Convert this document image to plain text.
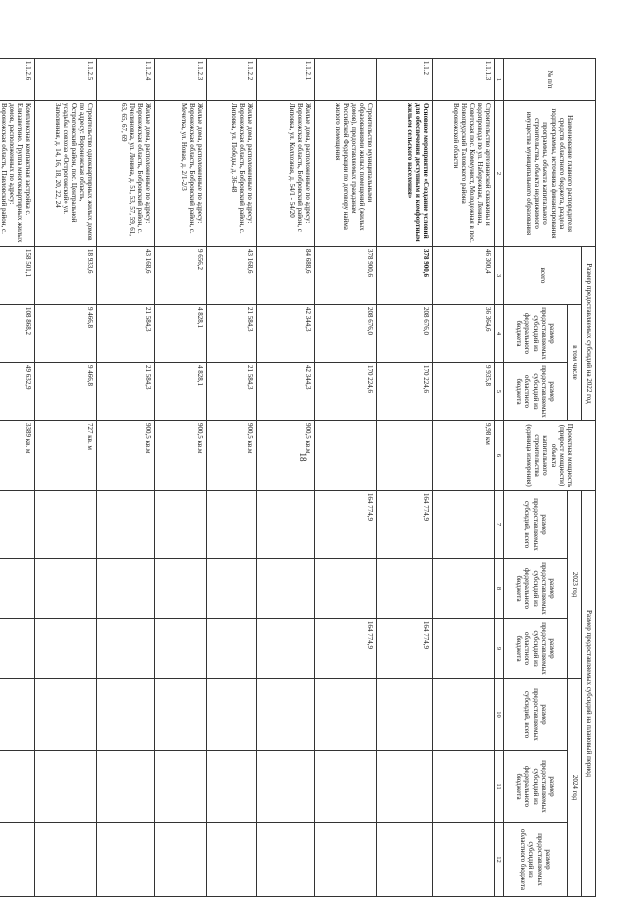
18
№ п/п	Наименование главного распорядителя средств областного бюджета, раздела подпрограммы, источника финансирования программы, объекта капитального строительства, объекта недвижимого имущества муниципального образования	Размер предоставляемых субсидий на 2022 год			Проектная мощность (прирост мощности) объекта капитального строительства (единица измерения)	Размер предоставляемых субсидий на плановый период					
		всего	в том числе			2023 год			2024 год		
			размер предоставляемых субсидий из федерального бюджета	размер предоставляемых субсидий из областного бюджета		размер предоставляемых субсидий, всего	размер предоставляемых субсидий из федерального бюджета	размер предоставляемых субсидий из областного бюджета	размер предоставляемых субсидий, всего	размер предоставляемых субсидий из федерального бюджета	размер предоставляемых субсидий из областного бюджета

1	2	3	4	5	6	7	8	9	10	11	12
1.1.1.3	Строительство артезианской скважины и водопровода по ул. Набережная, Ленина, Советская пос. Коммунист, Молодежная в пос. Новопрудский Таловского района Воронежской области	46 300,4	36 364,6	9 935,8	9,98 км						
1.1.2	Основное мероприятие «Создание условий для обеспечения доступным и комфортным жильем сельского населения»	378 900,6	208 676,0	170 224,6		164 774,9		164 774,9			
	Строительство муниципальными образованиями жилых помещений (жилых домов), предоставляемых гражданам Российской Федерации по договору найма жилого помещения	378 900,6	208 676,0	170 224,6		164 774,9		164 774,9			
1.1.2.1	Жилые дома, расположенные по адресу: Воронежская область, Бобровский район, с Липовка, ул. Колхозная, д. 54/1 - 54/20	84 688,6	42 344,3	42 344,3	900,5 кв.м						
1.1.2.2	Жилые дома, расположенные по адресу: Воронежская область, Бобровский район, с. Липовка, ул. Победы, д. 36-48	43 168,6	21 584,3	21 584,3	900,5 кв.м						
1.1.2.3	Жилые дома, расположенные по адресу: Воронежская область, Бобровский район, с. Мечетка, ул. Новая, д. 2/1-2/3	9 656,2	4 828,1	4 828,1	900,5 кв.м						
1.1.2.4	Жилые дома, расположенные по адресу: Воронежская область, Бобровский район, с. Пчелиновка, ул. Ленина, д. 51, 53, 57, 59, 61, 63, 65, 67, 69	43 168,6	21 584,3	21 584,3	900,5 кв.м						
1.1.2.5	Строительство одноквартирных жилых домов по адресу: Воронежская область, Острогожский район, пос. Центральной усадьбы совхоза «Острогожский» ул. Заполинная, д. 14, 16, 18, 20, 22, 24	18 933,6	9 466,8	9 466,8	727 кв. м						
1.1.2.6	Комплексная компактная застройка с. Елизаветино. Группа многоквартирных жилых домов, расположенных по адресу: Воронежская область, Павловский район, с.	158 501,1	108 868,2	49 632,9	3389 кв. м						
